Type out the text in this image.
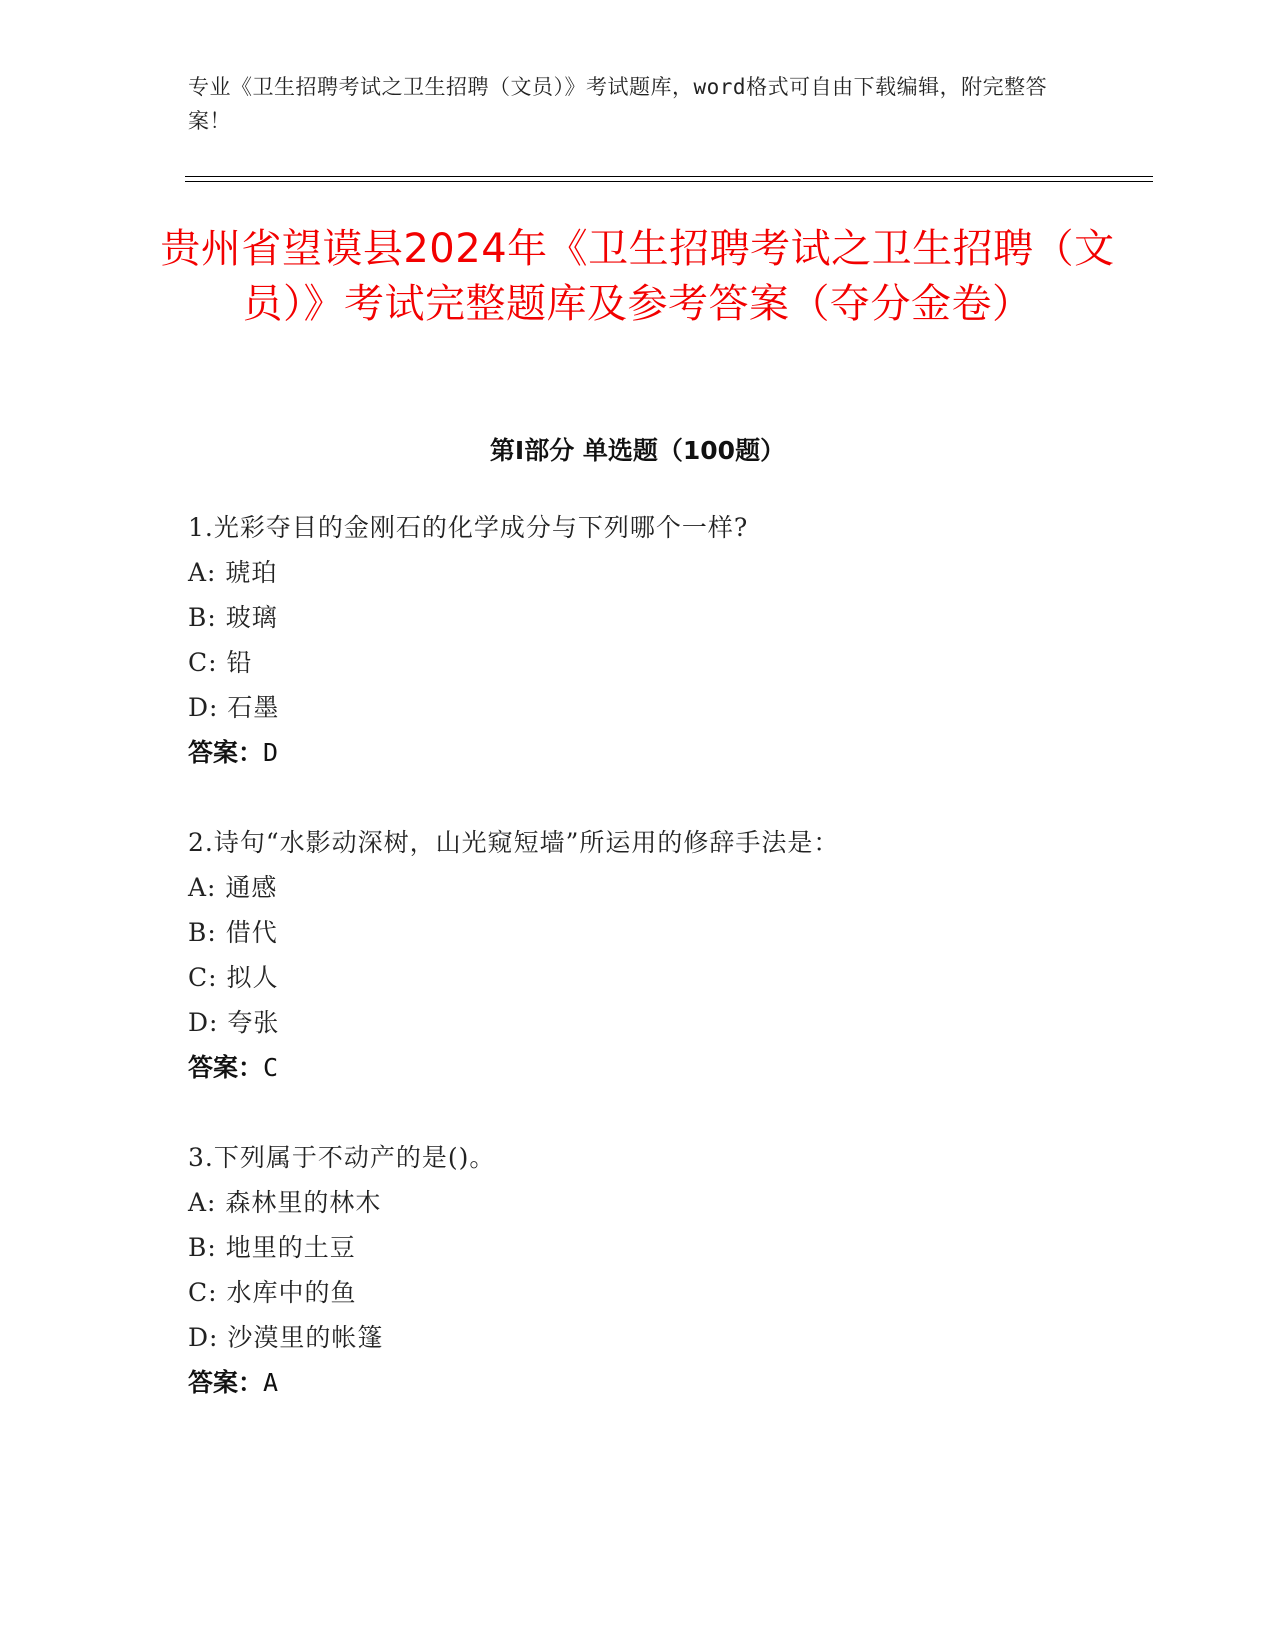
专业《卫生招聘考试之卫生招聘（文员）》考试题库，word格式可自由下载编辑，附完整答案！
贵州省望谟县2024年《卫生招聘考试之卫生招聘（文员）》考试完整题库及参考答案（夺分金卷）
第Ⅰ部分 单选题（100题）
1.光彩夺目的金刚石的化学成分与下列哪个一样?
A: 琥珀
B: 玻璃
C: 铅
D: 石墨
答案：D
2.诗句“水影动深树，山光窥短墙”所运用的修辞手法是：
A: 通感
B: 借代
C: 拟人
D: 夸张
答案：C
3.下列属于不动产的是()。
A: 森林里的林木
B: 地里的土豆
C: 水库中的鱼
D: 沙漠里的帐篷
答案：A
